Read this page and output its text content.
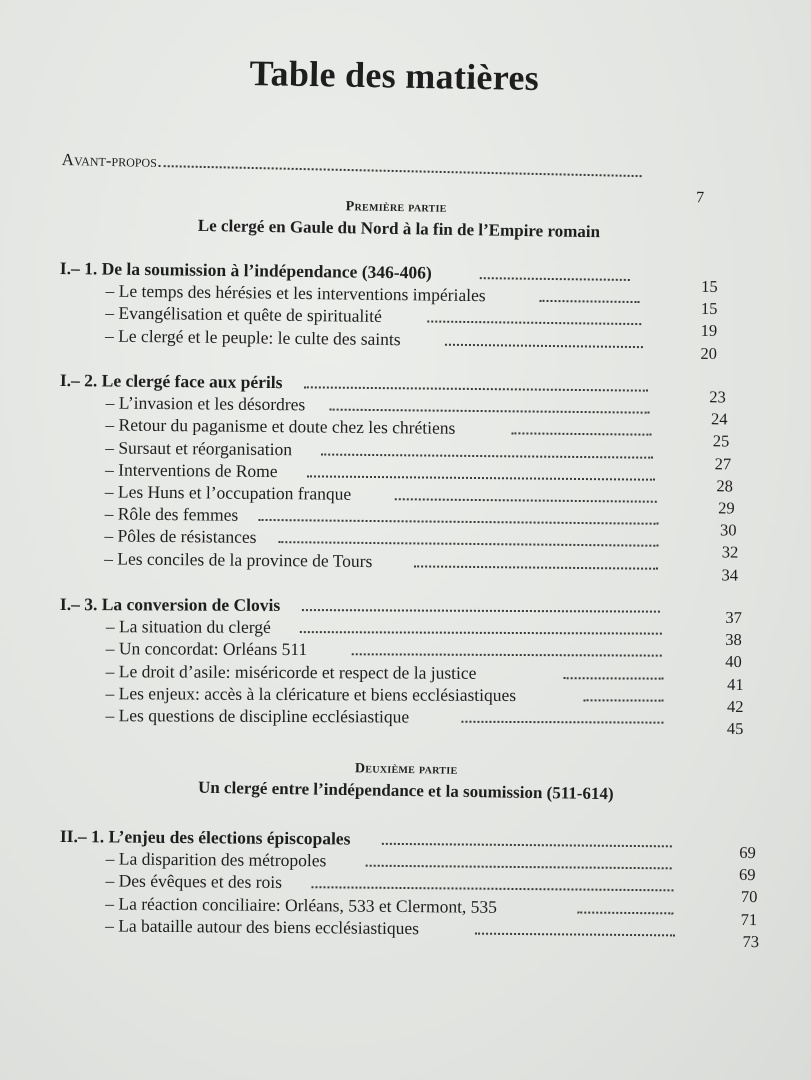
Table des matières
Avant-propos
7
Première partie
Le clergé en Gaule du Nord à la fin de l’Empire romain
I.– 1. De la soumission à l’indépendance (346-406)
15
– Le temps des hérésies et les interventions impériales
15
– Evangélisation et quête de spiritualité
19
– Le clergé et le peuple: le culte des saints
20
I.– 2. Le clergé face aux périls
23
– L’invasion et les désordres
24
– Retour du paganisme et doute chez les chrétiens
25
– Sursaut et réorganisation
27
– Interventions de Rome
28
– Les Huns et l’occupation franque
29
– Rôle des femmes
30
– Pôles de résistances
32
– Les conciles de la province de Tours
34
Deuxième partie
Un clergé entre l’indépendance et la soumission (511-614)
I.– 3. La conversion de Clovis
37
– La situation du clergé
38
– Un concordat: Orléans 511
40
– Le droit d’asile: miséricorde et respect de la justice
41
– Les enjeux: accès à la cléricature et biens ecclésiastiques
42
– Les questions de discipline ecclésiastique
45
II.– 1. L’enjeu des élections épiscopales
69
– La disparition des métropoles
69
– Des évêques et des rois
70
– La réaction conciliaire: Orléans, 533 et Clermont, 535
71
– La bataille autour des biens ecclésiastiques
73
